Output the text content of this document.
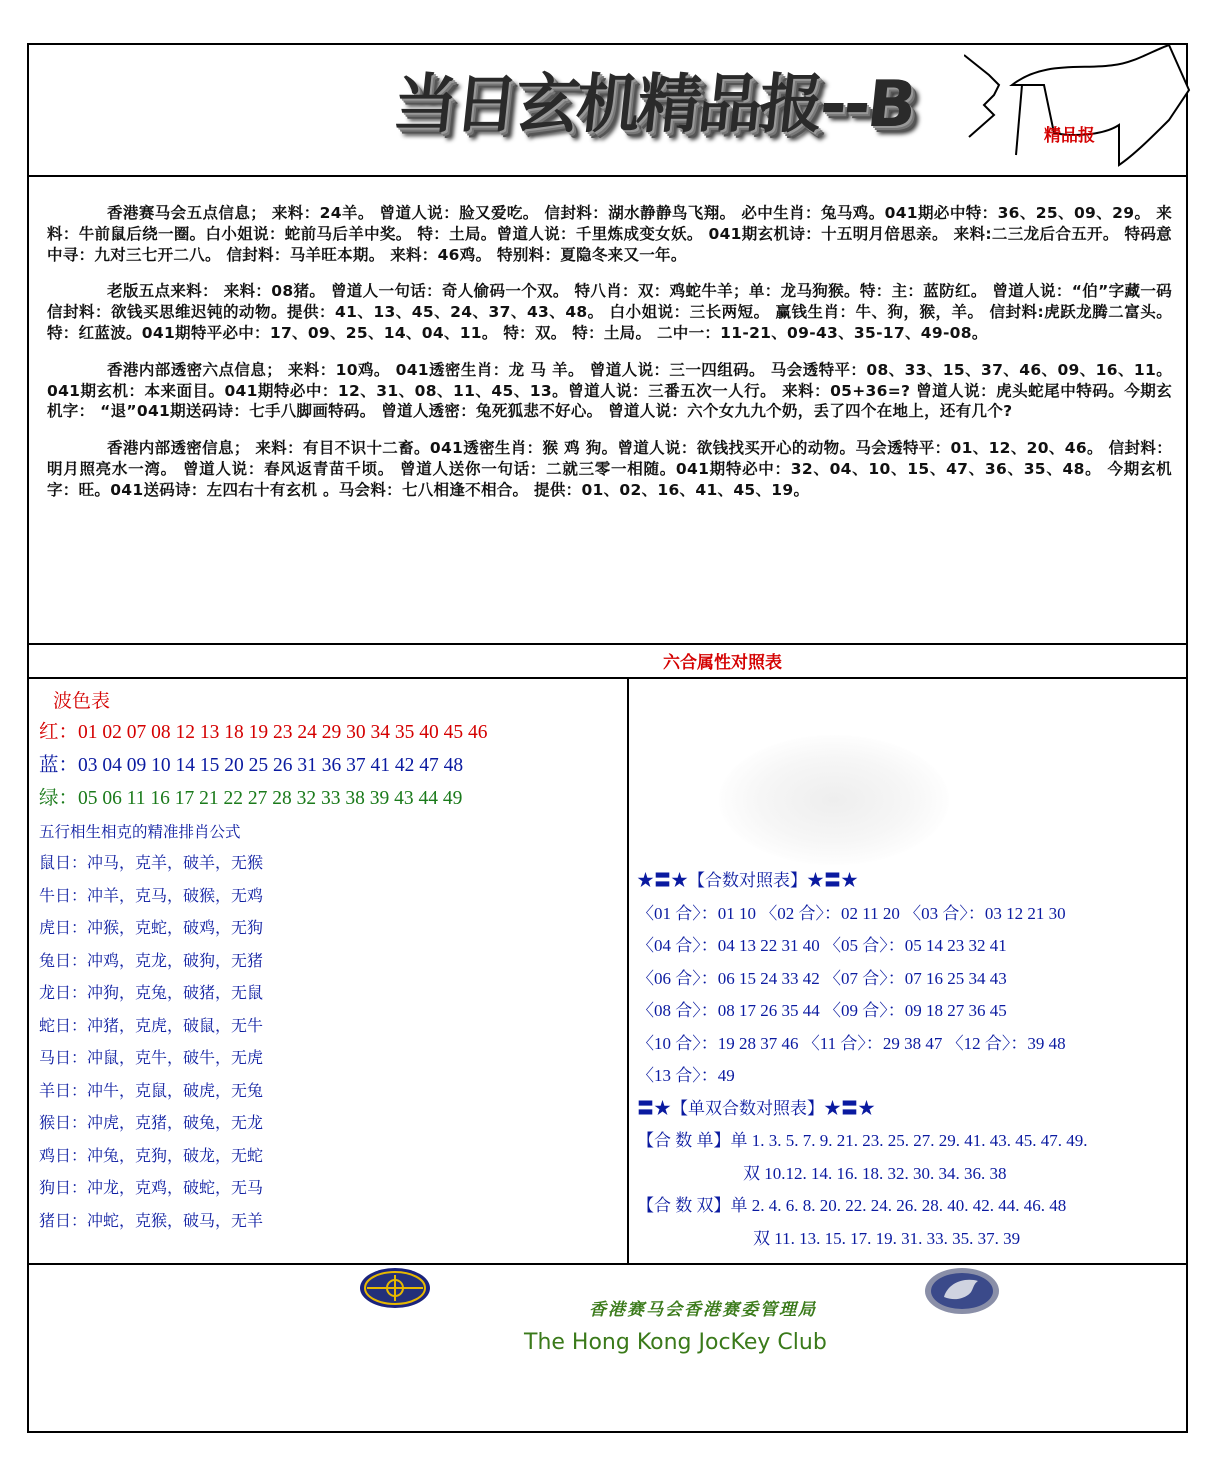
当日玄机精品报--B	精品报

香港赛马会五点信息； 来料：24羊。 曾道人说：脸又爱吃。 信封料：湖水静静鸟飞翔。 必中生肖：兔马鸡。041期必中特：36、25、09、29。 来料：牛前鼠后绕一圈。白小姐说：蛇前马后羊中奖。 特：土局。曾道人说：千里炼成变女妖。 041期玄机诗：十五明月倍思亲。 来料:二三龙后合五开。 特码意中寻：九对三七开二八。 信封料：马羊旺本期。 来料：46鸡。 特别料：夏隐冬来又一年。

老版五点来料： 来料：08猪。 曾道人一句话：奇人偷码一个双。 特八肖：双：鸡蛇牛羊；单：龙马狗猴。特：主：蓝防红。 曾道人说：“伯”字藏一码信封料：欲钱买思维迟钝的动物。提供：41、13、45、24、37、43、48。 白小姐说：三长两短。 赢钱生肖：牛、狗，猴，羊。 信封料:虎跃龙腾二富头。 特：红蓝波。041期特平必中：17、09、25、14、04、11。 特：双。 特：土局。 二中一：11-21、09-43、35-17、49-08。

香港内部透密六点信息； 来料：10鸡。 041透密生肖：龙 马 羊。 曾道人说：三一四组码。 马会透特平：08、33、15、37、46、09、16、11。041期玄机：本来面目。041期特必中：12、31、08、11、45、13。曾道人说：三番五次一人行。 来料：05+36=? 曾道人说：虎头蛇尾中特码。今期玄机字： “退”041期送码诗：七手八脚画特码。 曾道人透密：兔死狐悲不好心。 曾道人说：六个女九九个奶，丢了四个在地上，还有几个?

香港内部透密信息； 来料：有目不识十二畜。041透密生肖：猴 鸡 狗。曾道人说：欲钱找买开心的动物。马会透特平：01、12、20、46。 信封料：明月照亮水一湾。 曾道人说：春风返青苗千顷。 曾道人送你一句话：二就三零一相随。041期特必中：32、04、10、15、47、36、35、48。 今期玄机字：旺。041送码诗：左四右十有玄机 。马会料：七八相逢不相合。 提供：01、02、16、41、45、19。

六合属性对照表
波色表
红：01 02 07 08 12 13 18 19 23 24 29 30 34 35 40 45 46
蓝：03 04 09 10 14 15 20 25 26 31 36 37 41 42 47 48
绿：05 06 11 16 17 21 22 27 28 32 33 38 39 43 44 49
五行相生相克的精准排肖公式
鼠日：冲马，克羊，破羊，无猴
牛日：冲羊，克马，破猴，无鸡
虎日：冲猴，克蛇，破鸡，无狗
兔日：冲鸡，克龙，破狗，无猪
龙日：冲狗，克兔，破猪，无鼠
蛇日：冲猪，克虎，破鼠，无牛
马日：冲鼠，克牛，破牛，无虎
羊日：冲牛，克鼠，破虎，无兔
猴日：冲虎，克猪，破兔，无龙
鸡日：冲兔，克狗，破龙，无蛇
狗日：冲龙，克鸡，破蛇，无马
猪日：冲蛇，克猴，破马，无羊
★〓★【合数对照表】★〓★
〈01 合〉：01 10 〈02 合〉：02 11 20 〈03 合〉：03 12 21 30
〈04 合〉：04 13 22 31 40 〈05 合〉：05 14 23 32 41
〈06 合〉：06 15 24 33 42 〈07 合〉：07 16 25 34 43
〈08 合〉：08 17 26 35 44 〈09 合〉：09 18 27 36 45
〈10 合〉：19 28 37 46 〈11 合〉：29 38 47 〈12 合〉：39 48
〈13 合〉：49
〓★【单双合数对照表】★〓★
【合 数 单】单 1. 3. 5. 7. 9. 21. 23. 25. 27. 29. 41. 43. 45. 47. 49.
双 10.12. 14. 16. 18. 32. 30. 34. 36. 38
【合 数 双】单 2. 4. 6. 8. 20. 22. 24. 26. 28. 40. 42. 44. 46. 48
双 11. 13. 15. 17. 19. 31. 33. 35. 37. 39
香港赛马会香港赛委管理局
The Hong Kong JocKey Club
